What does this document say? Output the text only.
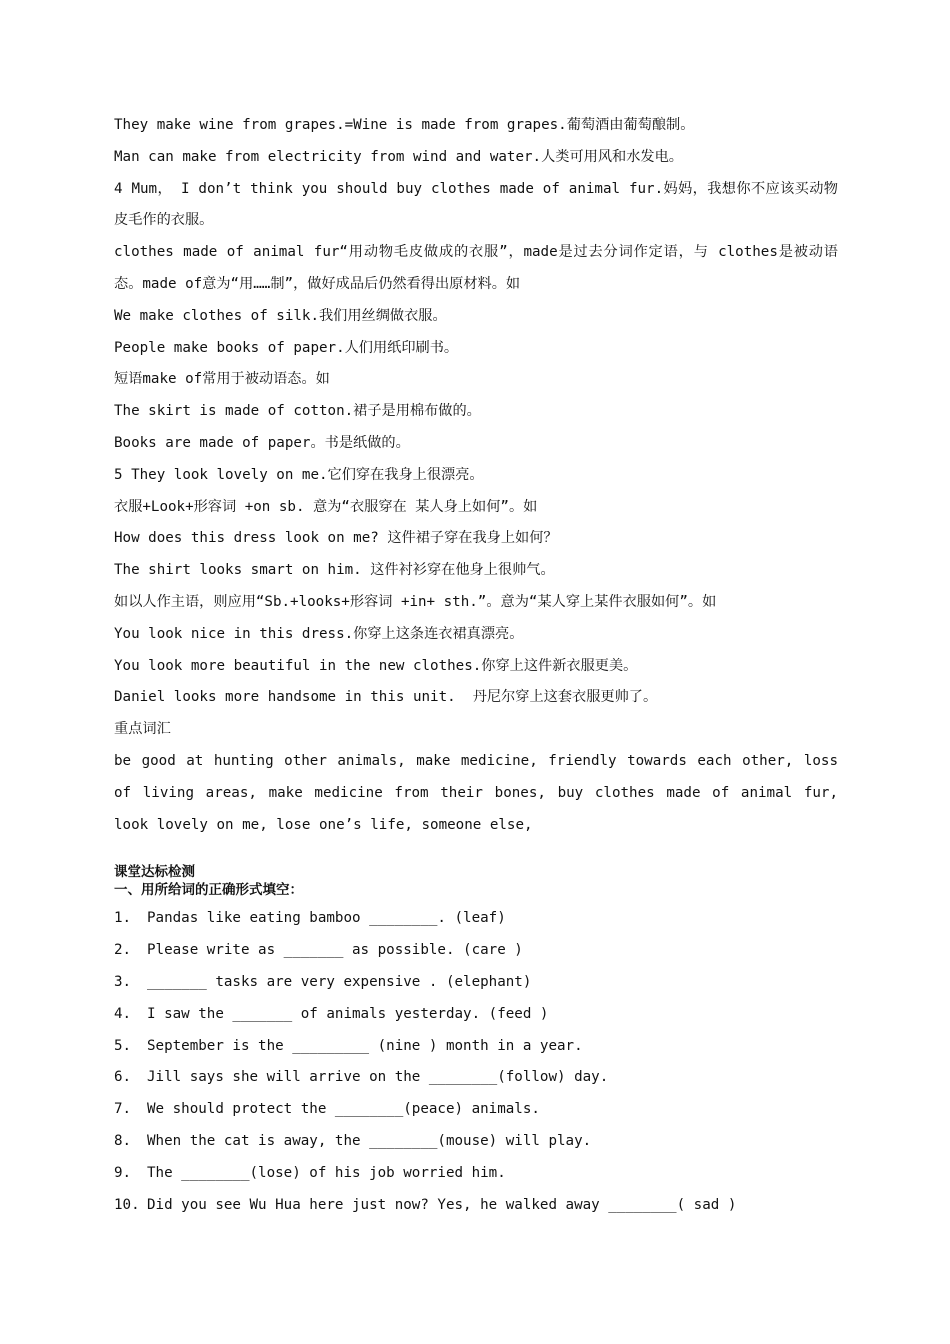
They make wine from grapes.=Wine is made from grapes.葡萄酒由葡萄酿制。
Man can make from electricity from wind and water.人类可用风和水发电。
4 Mum， I don’t think you should buy clothes made of animal fur.妈妈，我想你不应该买动物皮毛作的衣服。
clothes made of animal fur“用动物毛皮做成的衣服”，made是过去分词作定语，与 clothes是被动语态。made of意为“用……制”，做好成品后仍然看得出原材料。如
We make clothes of silk.我们用丝绸做衣服。
People make books of paper.人们用纸印刷书。
短语make of常用于被动语态。如
The skirt is made of cotton.裙子是用棉布做的。
Books are made of paper。书是纸做的。
5 They look lovely on me.它们穿在我身上很漂亮。
衣服+Look+形容词 +on sb. 意为“衣服穿在 某人身上如何”。如
How does this dress look on me? 这件裙子穿在我身上如何？
The shirt looks smart on him. 这件衬衫穿在他身上很帅气。
如以人作主语，则应用“Sb.+looks+形容词 +in+ sth.”。意为“某人穿上某件衣服如何”。如
You look nice in this dress.你穿上这条连衣裙真漂亮。
You look more beautiful in the new clothes.你穿上这件新衣服更美。
Daniel looks more handsome in this unit.  丹尼尔穿上这套衣服更帅了。
重点词汇
be good at hunting other animals, make medicine, friendly towards each other, loss of living areas, make medicine from their bones, buy clothes made of animal fur, look lovely on me, lose one’s life, someone else,
课堂达标检测
一、用所给词的正确形式填空：
1. Pandas like eating bamboo ________. (leaf)
2. Please write as _______ as possible. (care )
3. _______ tasks are very expensive . (elephant)
4. I saw the _______ of animals yesterday. (feed )
5. September is the _________ (nine ) month in a year.
6. Jill says she will arrive on the ________(follow) day.
7. We should protect the ________(peace) animals.
8. When the cat is away, the ________(mouse) will play.
9. The ________(lose) of his job worried him.
10. Did you see Wu Hua here just now? Yes, he walked away ________( sad )
